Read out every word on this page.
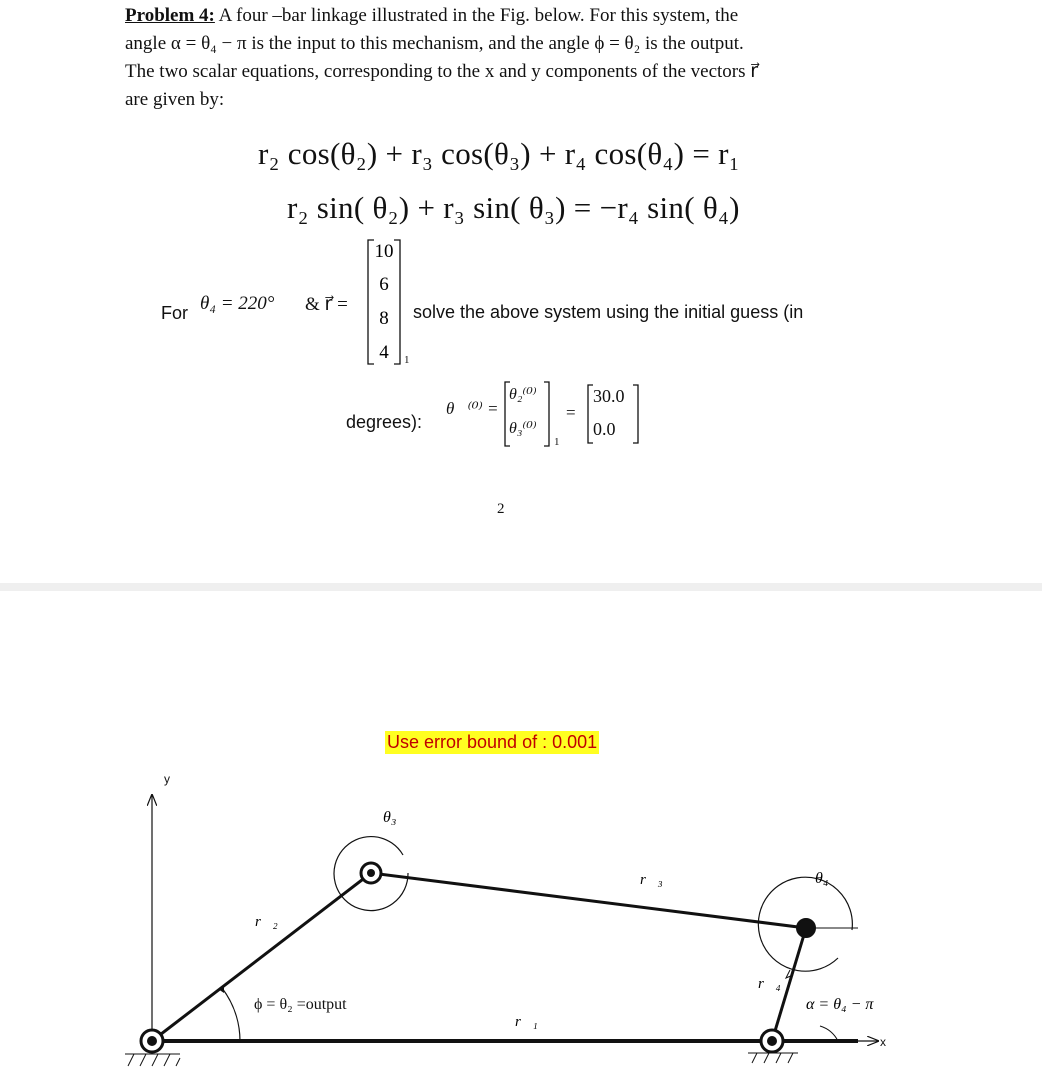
Problem 4: A four –bar linkage illustrated in the Fig. below. For this system, the
angle α = θ₄ − π is the input to this mechanism, and the angle ϕ = θ₂ is the output.
The two scalar equations, corresponding to the x and y components of the vectors r⃗
are given by:
r₂ cos(θ₂) + r₃ cos(θ₃) + r₄ cos(θ₄) = r₁
r₂ sin( θ₂) + r₃ sin( θ₃) = −r₄ sin( θ₄)
For θ₄ = 220° & r⃗ =
10
6
8
4	1
solve the above system using the initial guess (in
degrees):
θ⃗⁽⁰⁾ =
θ₂⁽⁰⁾
θ₃⁽⁰⁾
1
=
30.0
0.0
2
Use error bound of : 0.001
y
x
θ₃
θ₄
r⃗₁
r⃗₂
r⃗₃
r⃗₄
ϕ = θ₂ =output	α = θ₄ − π
